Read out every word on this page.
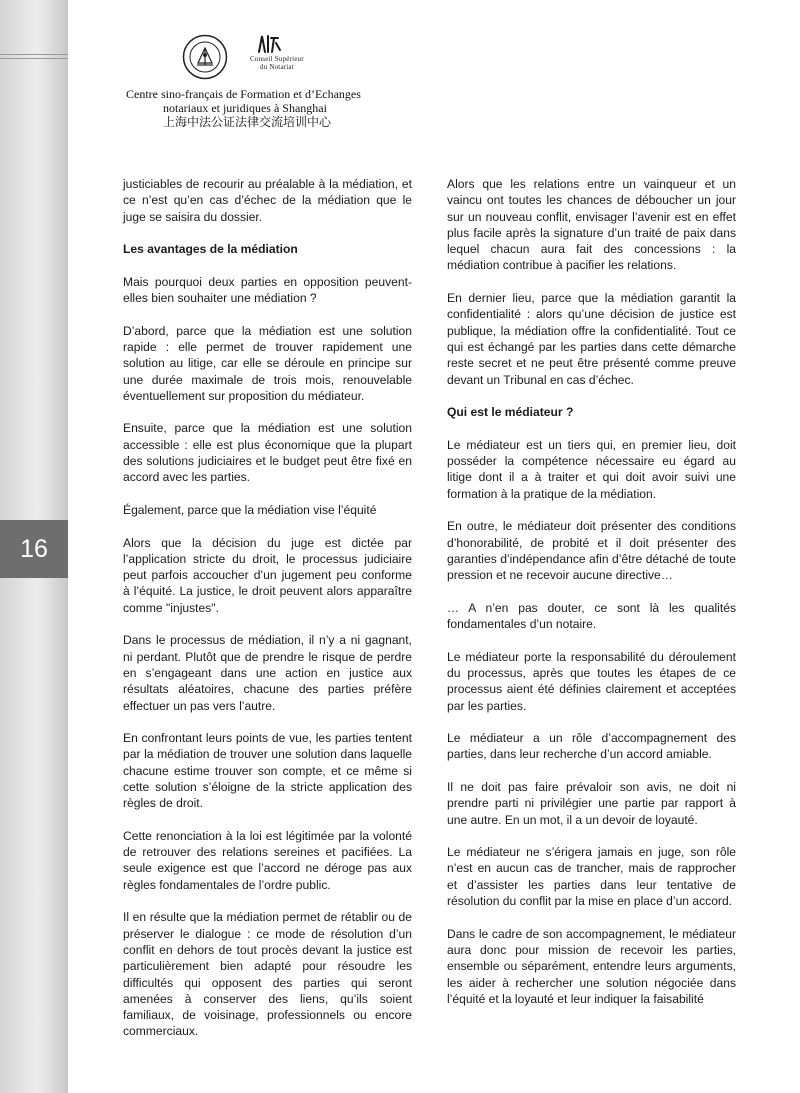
16
Conseil Supérieur
du Notariat
Centre sino-français de Formation et d’Echanges
notariaux et juridiques à Shanghai
上海中法公证法律交流培训中心

justiciables de recourir au préalable à la médiation, et ce n’est qu’en cas d’échec de la médiation que le juge se saisira du dossier.

Les avantages de la médiation

Mais pourquoi deux parties en opposition peuvent-elles bien souhaiter une médiation ?

D’abord, parce que la médiation est une solution rapide : elle permet de trouver rapidement une solution au litige, car elle se déroule en principe sur une durée maximale de trois mois, renouvelable éventuellement sur proposition du médiateur.

Ensuite, parce que la médiation est une solution accessible : elle est plus économique que la plupart des solutions judiciaires et le budget peut être fixé en accord avec les parties.

Également, parce que la médiation vise l’équité

Alors que la décision du juge est dictée par l’application stricte du droit, le processus judiciaire peut parfois accoucher d’un jugement peu conforme à l’équité. La justice, le droit peuvent alors apparaître comme "injustes".

Dans le processus de médiation, il n’y a ni gagnant, ni perdant. Plutôt que de prendre le risque de perdre en s’engageant dans une action en justice aux résultats aléatoires, chacune des parties préfère effectuer un pas vers l’autre.

En confrontant leurs points de vue, les parties tentent par la médiation de trouver une solution dans laquelle chacune estime trouver son compte, et ce même si cette solution s’éloigne de la stricte application des règles de droit.

Cette renonciation à la loi est légitimée par la volonté de retrouver des relations sereines et pacifiées. La seule exigence est que l’accord ne déroge pas aux règles fondamentales de l’ordre public.

Il en résulte que la médiation permet de rétablir ou de préserver le dialogue : ce mode de résolution d’un conflit en dehors de tout procès devant la justice est particulièrement bien adapté pour résoudre les difficultés qui opposent des parties qui seront amenées à conserver des liens, qu’ils soient familiaux, de voisinage, professionnels ou encore commerciaux.

Alors que les relations entre un vainqueur et un vaincu ont toutes les chances de déboucher un jour sur un nouveau conflit, envisager l’avenir est en effet plus facile après la signature d’un traité de paix dans lequel chacun aura fait des concessions : la médiation contribue à pacifier les relations.

En dernier lieu, parce que la médiation garantit la confidentialité : alors qu’une décision de justice est publique, la médiation offre la confidentialité. Tout ce qui est échangé par les parties dans cette démarche reste secret et ne peut être présenté comme preuve devant un Tribunal en cas d’échec.

Qui est le médiateur ?

Le médiateur est un tiers qui, en premier lieu, doit posséder la compétence nécessaire eu égard au litige dont il a à traiter et qui doit avoir suivi une formation à la pratique de la médiation.

En outre, le médiateur doit présenter des conditions d’honorabilité, de probité et il doit présenter des garanties d’indépendance afin d’être détaché de toute pression et ne recevoir aucune directive…

… A n’en pas douter, ce sont là les qualités fondamentales d’un notaire.

Le médiateur porte la responsabilité du déroulement du processus, après que toutes les étapes de ce processus aient été définies clairement et acceptées par les parties.

Le médiateur a un rôle d’accompagnement des parties, dans leur recherche d’un accord amiable.

Il ne doit pas faire prévaloir son avis, ne doit ni prendre parti ni privilégier une partie par rapport à une autre. En un mot, il a un devoir de loyauté.

Le médiateur ne s’érigera jamais en juge, son rôle n’est en aucun cas de trancher, mais de rapprocher et d’assister les parties dans leur tentative de résolution du conflit par la mise en place d’un accord.

Dans le cadre de son accompagnement, le médiateur aura donc pour mission de recevoir les parties, ensemble ou séparément, entendre leurs arguments, les aider à rechercher une solution négociée dans l’équité et la loyauté et leur indiquer la faisabilité
